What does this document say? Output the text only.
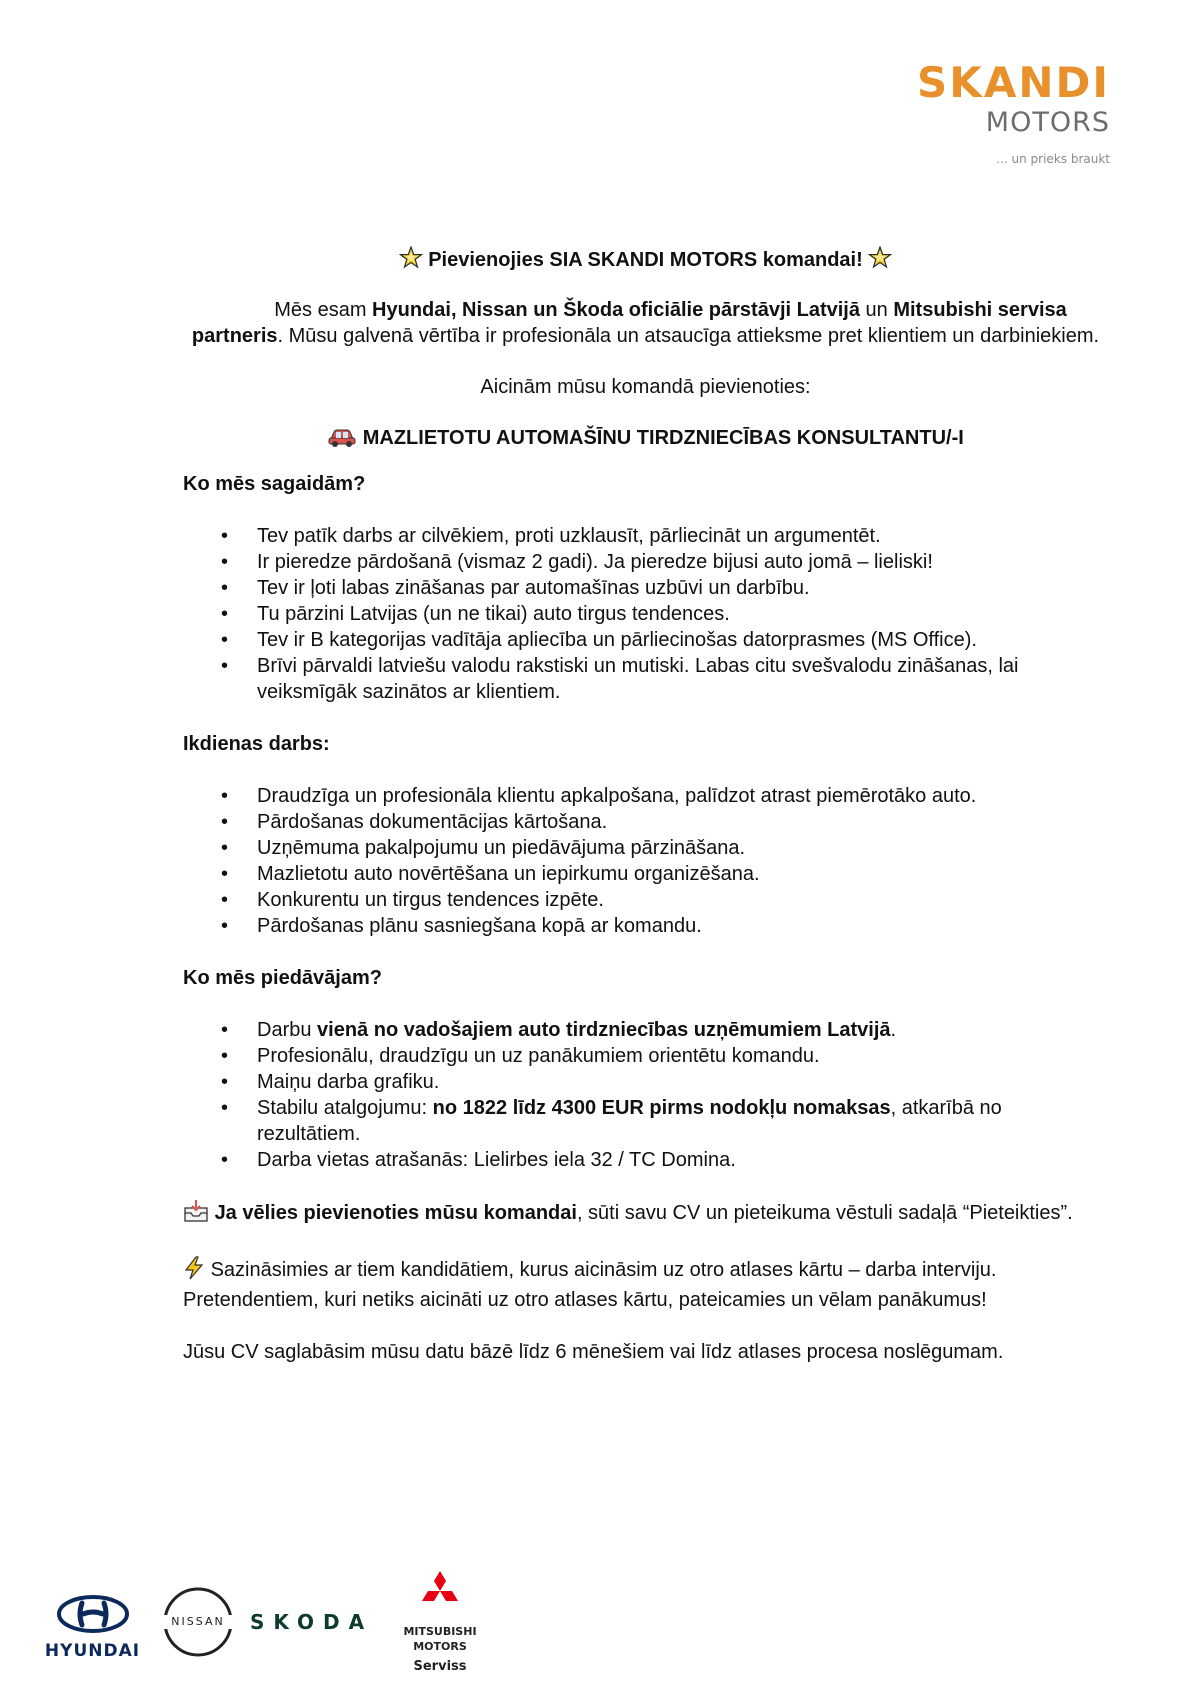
SKANDI
MOTORS
... un prieks braukt
Pievienojies SIA SKANDI MOTORS komandai!
Mēs esam Hyundai, Nissan un Škoda oficiālie pārstāvji Latvijā un Mitsubishi servisa partneris. Mūsu galvenā vērtība ir profesionāla un atsaucīga attieksme pret klientiem un darbiniekiem.
Aicinām mūsu komandā pievienoties:
MAZLIETOTU AUTOMAŠĪNU TIRDZNIECĪBAS KONSULTANTU/-I
Ko mēs sagaidām?
• Tev patīk darbs ar cilvēkiem, proti uzklausīt, pārliecināt un argumentēt.
• Ir pieredze pārdošanā (vismaz 2 gadi). Ja pieredze bijusi auto jomā – lieliski!
• Tev ir ļoti labas zināšanas par automašīnas uzbūvi un darbību.
• Tu pārzini Latvijas (un ne tikai) auto tirgus tendences.
• Tev ir B kategorijas vadītāja apliecība un pārliecinošas datorprasmes (MS Office).
• Brīvi pārvaldi latviešu valodu rakstiski un mutiski. Labas citu svešvalodu zināšanas, lai veiksmīgāk sazinātos ar klientiem.
Ikdienas darbs:
• Draudzīga un profesionāla klientu apkalpošana, palīdzot atrast piemērotāko auto.
• Pārdošanas dokumentācijas kārtošana.
• Uzņēmuma pakalpojumu un piedāvājuma pārzināšana.
• Mazlietotu auto novērtēšana un iepirkumu organizēšana.
• Konkurentu un tirgus tendences izpēte.
• Pārdošanas plānu sasniegšana kopā ar komandu.
Ko mēs piedāvājam?
• Darbu vienā no vadošajiem auto tirdzniecības uzņēmumiem Latvijā.
• Profesionālu, draudzīgu un uz panākumiem orientētu komandu.
• Maiņu darba grafiku.
• Stabilu atalgojumu: no 1822 līdz 4300 EUR pirms nodokļu nomaksas, atkarībā no rezultātiem.
• Darba vietas atrašanās: Lielirbes iela 32 / TC Domina.
Ja vēlies pievienoties mūsu komandai, sūti savu CV un pieteikuma vēstuli sadaļā “Pieteikties”.
Sazināsimies ar tiem kandidātiem, kurus aicināsim uz otro atlases kārtu – darba interviju. Pretendentiem, kuri netiks aicināti uz otro atlases kārtu, pateicamies un vēlam panākumus!
Jūsu CV saglabāsim mūsu datu bāzē līdz 6 mēnešiem vai līdz atlases procesa noslēgumam.
HYUNDAI
NISSAN	SKODA	MITSUBISHI
MOTORS
Serviss
